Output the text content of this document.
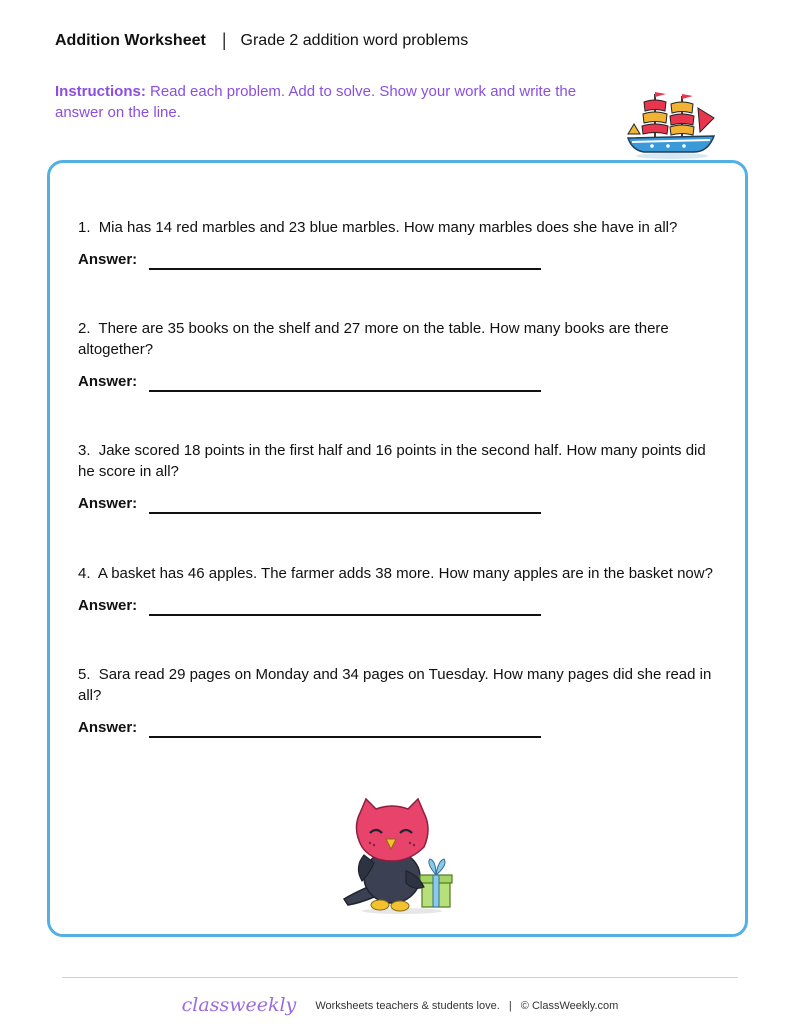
Addition Worksheet | Grade 2 addition word problems
Instructions: Read each problem. Add to solve. Show your work and write the answer on the line.
1. Mia has 14 red marbles and 23 blue marbles. How many marbles does she have in all?
Answer:
2. There are 35 books on the shelf and 27 more on the table. How many books are there altogether?
Answer:
3. Jake scored 18 points in the first half and 16 points in the second half. How many points did he score in all?
Answer:
4. A basket has 46 apples. The farmer adds 38 more. How many apples are in the basket now?
Answer:
5. Sara read 29 pages on Monday and 34 pages on Tuesday. How many pages did she read in all?
Answer:
classweekly Worksheets teachers & students love. | © ClassWeekly.com
